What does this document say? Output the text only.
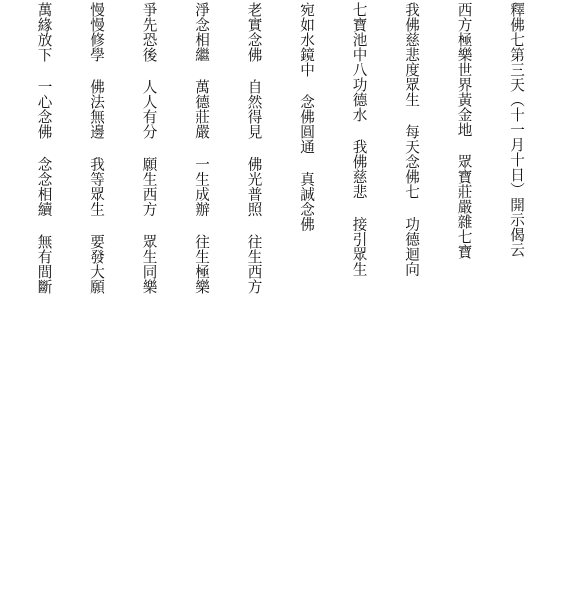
釋佛七第三天（十一月十日）開示偈云

西方極樂世界黃金地 眾寶莊嚴雜七寶

我佛慈悲度眾生 每天念佛七 功德迴向

七寶池中八功德水 我佛慈悲 接引眾生

宛如水鏡中 念佛圓通 真誠念佛

老實念佛 自然得見 佛光普照 往生西方

淨念相繼 萬德莊嚴 一生成辦 往生極樂

爭先恐後 人人有分 願生西方 眾生同樂

慢慢修學 佛法無邊 我等眾生 要發大願

萬緣放下 一心念佛 念念相續 無有間斷
